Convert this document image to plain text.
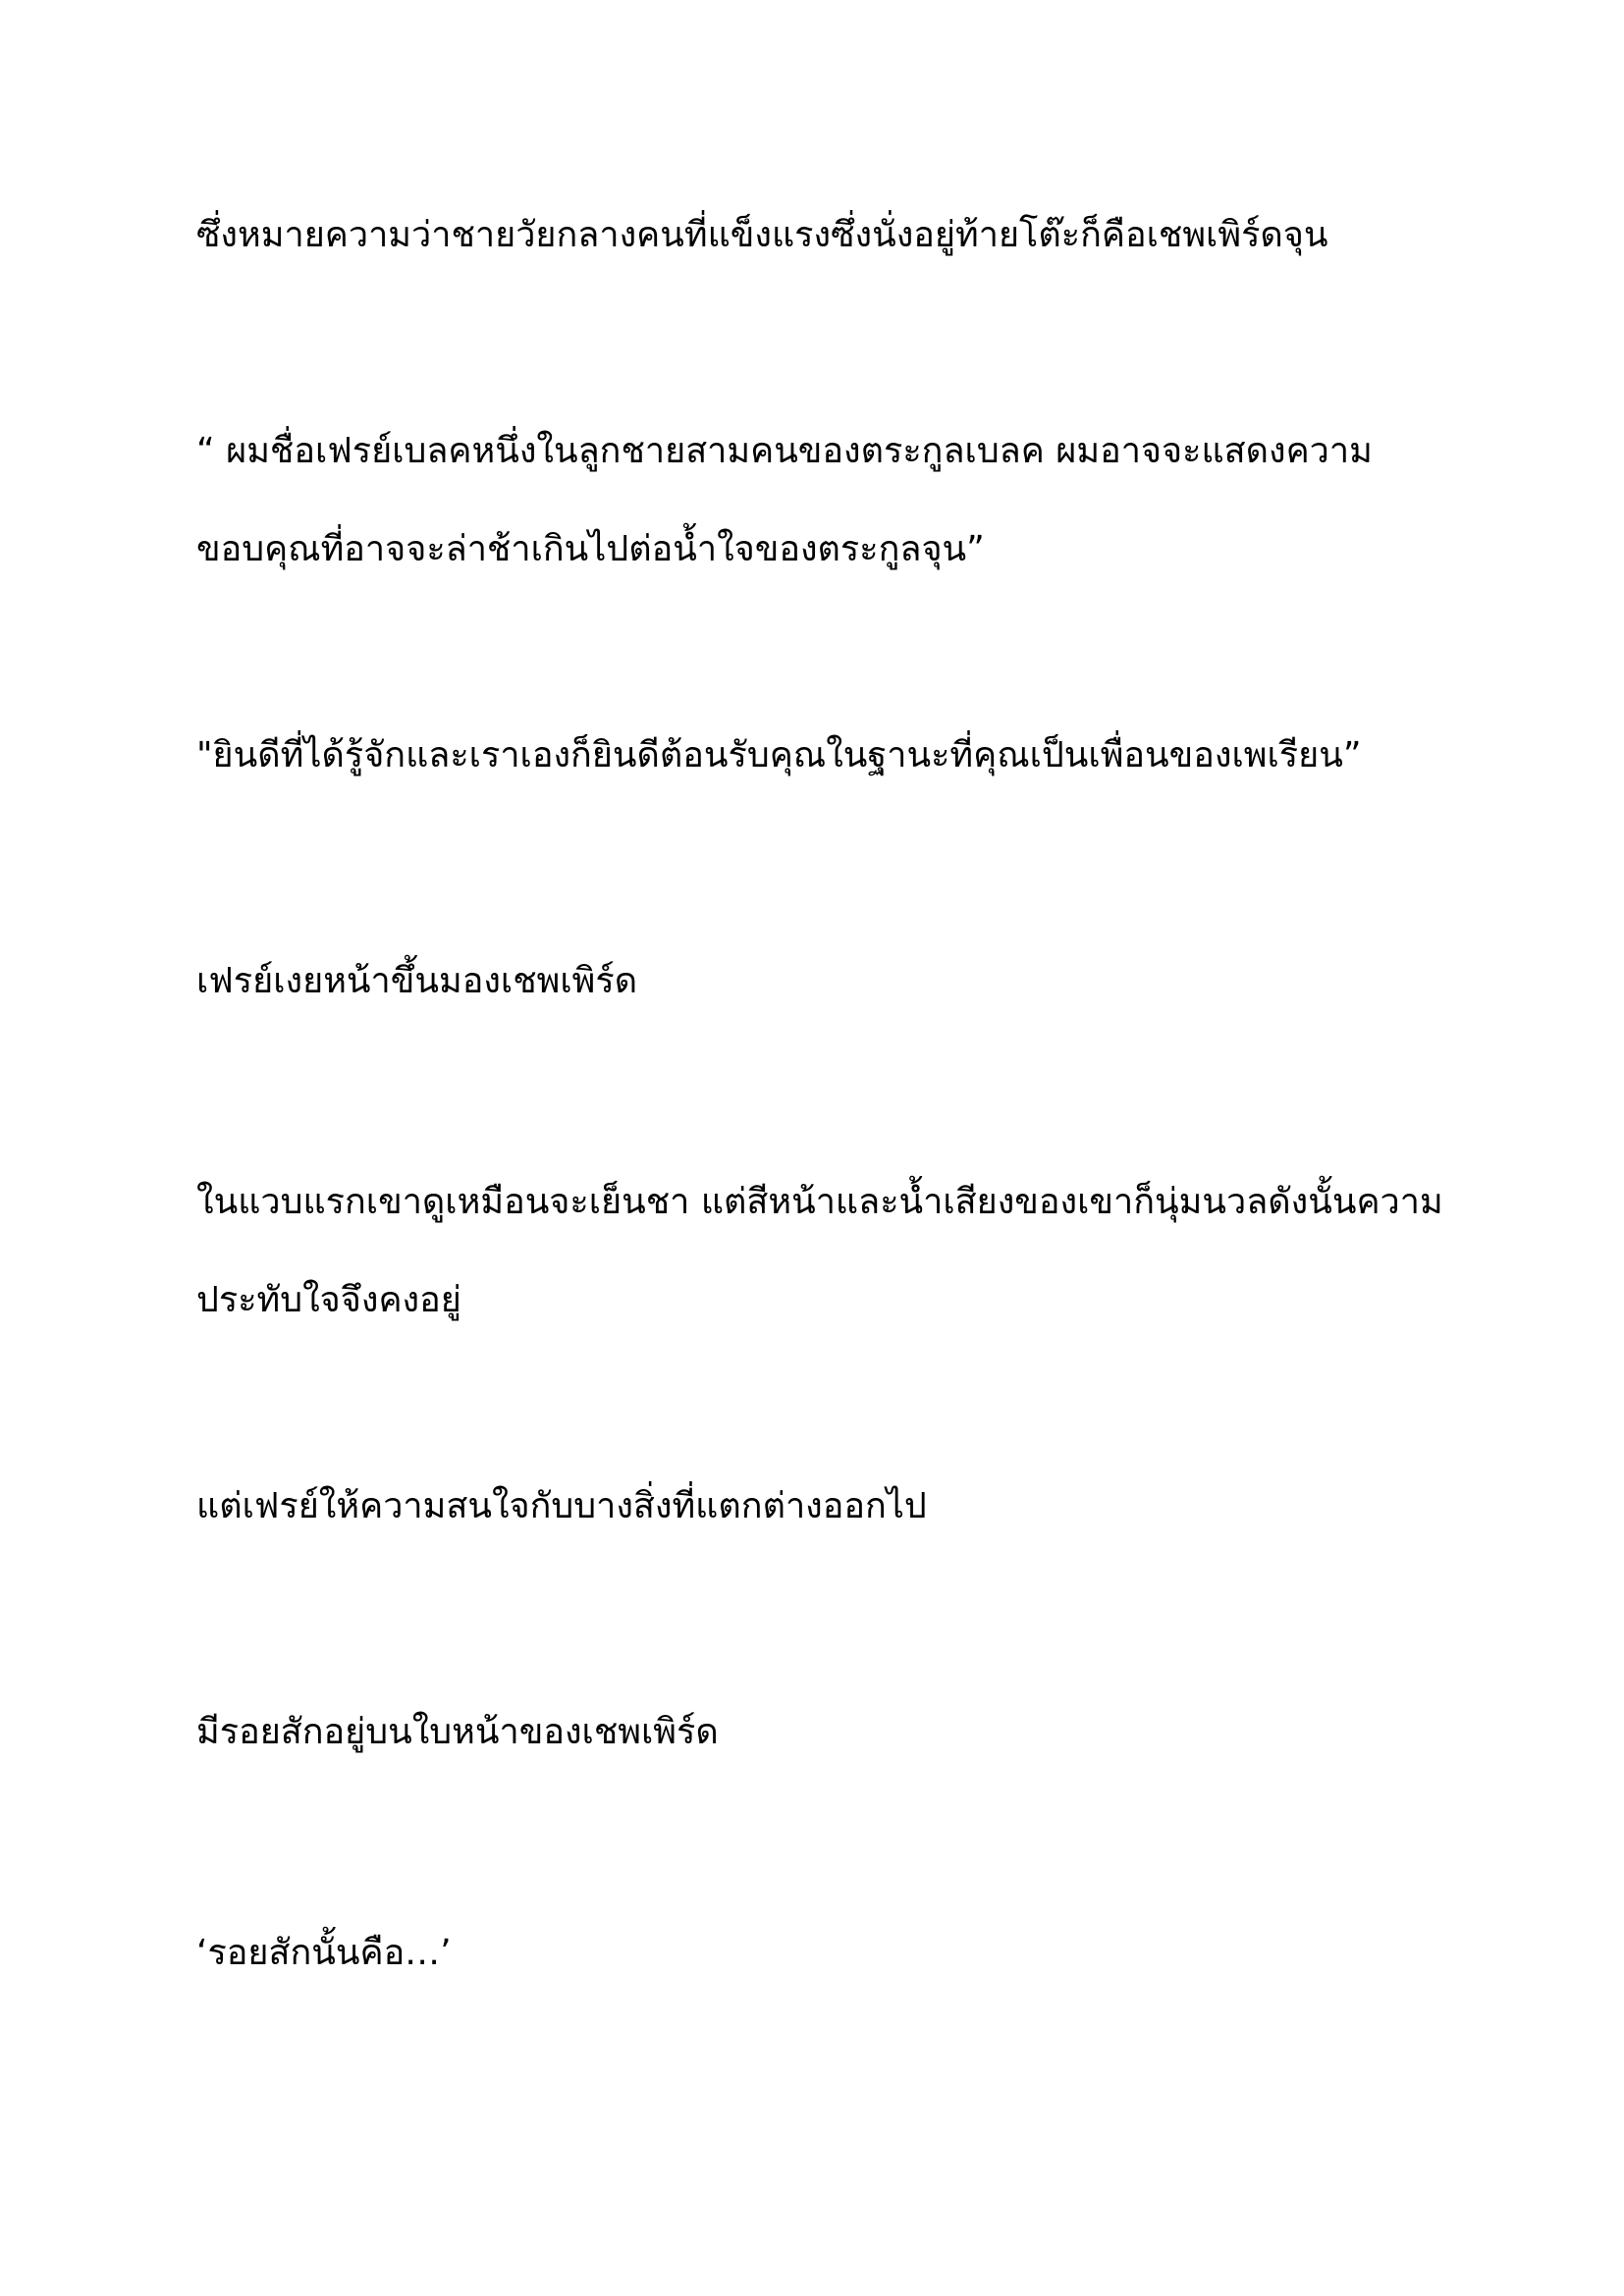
ซึ่งหมายความว่าชายวัยกลางคนที่แข็งแรงซึ่งนั่งอยู่ท้ายโต๊ะก็คือเชพเพิร์ดจุน

“ ผมชื่อเฟรย์เบลคหนึ่งในลูกชายสามคนของตระกูลเบลค ผมอาจจะแสดงความ
ขอบคุณที่อาจจะล่าช้าเกินไปต่อน้ำใจของตระกูลจุน”

"ยินดีที่ได้รู้จักและเราเองก็ยินดีต้อนรับคุณในฐานะที่คุณเป็นเพื่อนของเพเรียน”

เฟรย์เงยหน้าขึ้นมองเชพเพิร์ด

ในแวบแรกเขาดูเหมือนจะเย็นชา แต่สีหน้าและน้ำเสียงของเขาก็นุ่มนวลดังนั้นความ
ประทับใจจึงคงอยู่

แต่เฟรย์ให้ความสนใจกับบางสิ่งที่แตกต่างออกไป

มีรอยสักอยู่บนใบหน้าของเชพเพิร์ด

‘รอยสักนั้นคือ…’
